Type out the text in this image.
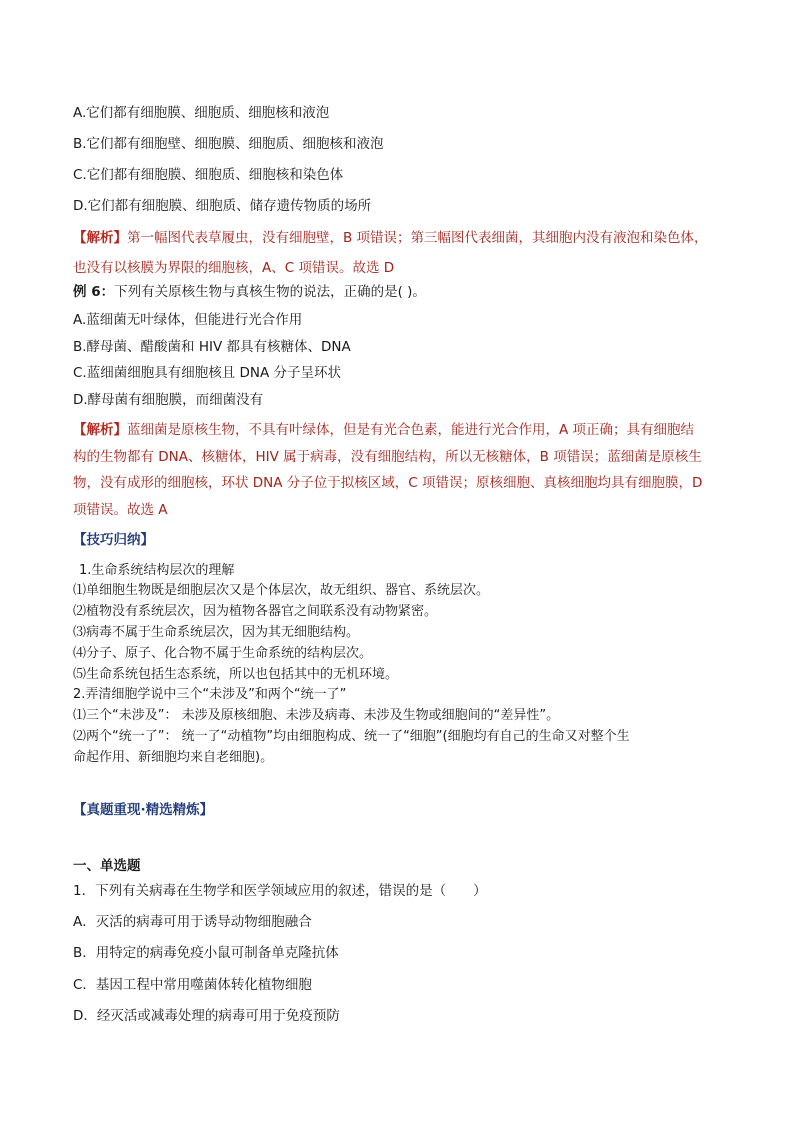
A.它们都有细胞膜、细胞质、细胞核和液泡

B.它们都有细胞壁、细胞膜、细胞质、细胞核和液泡

C.它们都有细胞膜、细胞质、细胞核和染色体

D.它们都有细胞膜、细胞质、储存遗传物质的场所

【解析】第一幅图代表草履虫，没有细胞壁，B 项错误；第三幅图代表细菌，其细胞内没有液泡和染色体，

也没有以核膜为界限的细胞核，A、C 项错误。故选 D

例 6：下列有关原核生物与真核生物的说法，正确的是( )。

A.蓝细菌无叶绿体，但能进行光合作用

B.酵母菌、醋酸菌和 HIV 都具有核糖体、DNA

C.蓝细菌细胞具有细胞核且 DNA 分子呈环状

D.酵母菌有细胞膜，而细菌没有

【解析】蓝细菌是原核生物，不具有叶绿体，但是有光合色素，能进行光合作用，A 项正确；具有细胞结

构的生物都有 DNA、核糖体，HIV 属于病毒，没有细胞结构，所以无核糖体，B 项错误；蓝细菌是原核生

物，没有成形的细胞核，环状 DNA 分子位于拟核区域，C 项错误；原核细胞、真核细胞均具有细胞膜，D

项错误。故选 A

【技巧归纳】

1.生命系统结构层次的理解

⑴单细胞生物既是细胞层次又是个体层次，故无组织、器官、系统层次。

⑵植物没有系统层次，因为植物各器官之间联系没有动物紧密。

⑶病毒不属于生命系统层次，因为其无细胞结构。

⑷分子、原子、化合物不属于生命系统的结构层次。

⑸生命系统包括生态系统，所以也包括其中的无机环境。

2.弄清细胞学说中三个“未涉及”和两个“统一了”

⑴三个“未涉及”： 未涉及原核细胞、未涉及病毒、未涉及生物或细胞间的“差异性”。

⑵两个“统一了”： 统一了“动植物”均由细胞构成、统一了“细胞”(细胞均有自己的生命又对整个生

命起作用、新细胞均来自老细胞)。

【真题重现·精选精炼】

一、单选题

1．下列有关病毒在生物学和医学领域应用的叙述，错误的是（　　）

A．灭活的病毒可用于诱导动物细胞融合

B．用特定的病毒免疫小鼠可制备单克隆抗体

C．基因工程中常用噬菌体转化植物细胞

D．经灭活或减毒处理的病毒可用于免疫预防
